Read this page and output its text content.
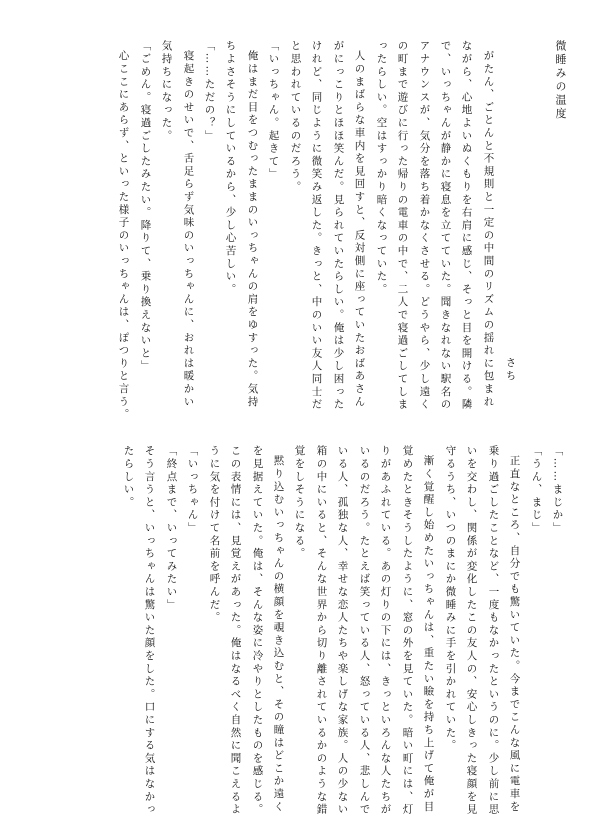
微睡みの温度
さち
がたん、ごとんと不規則と一定の中間のリズムの揺れに包まれ
ながら、心地よいぬくもりを右肩に感じ、そっと目を開ける。隣
で、いっちゃんが静かに寝息を立てていた。聞きなれない駅名の
アナウンスが、気分を落ち着かなくさせる。どうやら、少し遠く
の町まで遊びに行った帰りの電車の中で、二人で寝過ごしてしま
ったらしい。空はすっかり暗くなっていた。
人のまばらな車内を見回すと、反対側に座っていたおばあさん
がにっこりとほほ笑んだ。見られていたらしい。俺は少し困った
けれど、同じように微笑み返した。きっと、中のいい友人同士だ
と思われているのだろう。
「いっちゃん。起きて」
俺はまだ目をつむったままのいっちゃんの肩をゆすった。気持
ちよさそうにしているから、少し心苦しい。
「……ただの？」
寝起きのせいで、舌足らず気味のいっちゃんに、おれは暖かい
気持ちになった。
「ごめん。寝過ごしたみたい。降りて、乗り換えないと」
心ここにあらず、といった様子のいっちゃんは、ぽつりと言う。
「……まじか」
「うん、まじ」
正直なところ、自分でも驚いていた。今までこんな風に電車を
乗り過ごしたことなど、一度もなかったというのに。少し前に思
いを交わし、関係が変化したこの友人の、安心しきった寝顔を見
守るうち、いつのまにか微睡みに手を引かれていた。
漸く覚醒し始めたいっちゃんは、重たい瞼を持ち上げて俺が目
覚めたときそうしたように、窓の外を見ていた。暗い町には、灯
りがあふれている。あの灯りの下には、きっといろんな人たちが
いるのだろう。たとえば笑っている人、怒っている人、悲しんで
いる人、孤独な人、幸せな恋人たちや楽しげな家族。人の少ない
箱の中にいると、そんな世界から切り離されているかのような錯
覚をしそうになる。
黙り込むいっちゃんの横顔を覗き込むと、その瞳はどこか遠く
を見据えていた。俺は、そんな姿に冷やりとしたものを感じる。
この表情には、見覚えがあった。俺はなるべく自然に聞こえるよ
うに気を付けて名前を呼んだ。
「いっちゃん」
「終点まで、いってみたい」
そう言うと、いっちゃんは驚いた顔をした。口にする気はなかっ
たらしい。
